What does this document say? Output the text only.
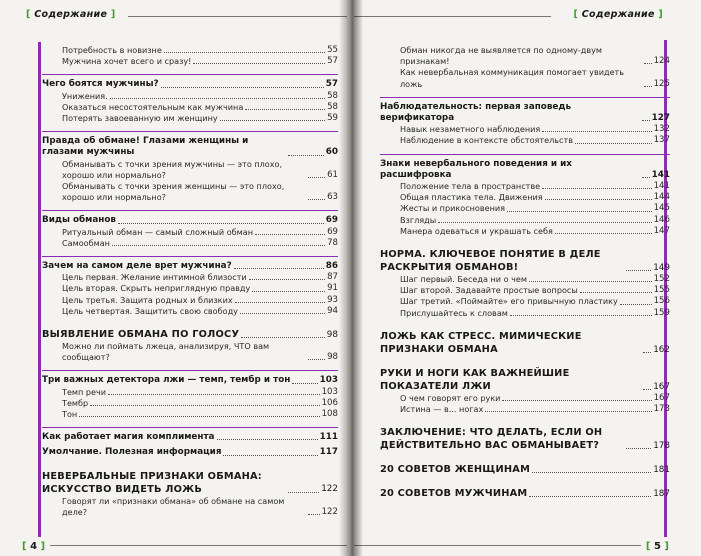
[ Содержание ]
Потребность в новизне	55
Мужчина хочет всего и сразу!	57
Чего боятся мужчины?	57
Унижения.	58
Оказаться несостоятельным как мужчина	58
Потерять завоеванную им женщину	59
Правда об обмане! Глазами женщины и глазами мужчины	60
Обманывать с точки зрения мужчины — это плохо, хорошо или нормально?	61
Обманывать с точки зрения женщины — это плохо, хорошо или нормально?	63
Виды обманов	69
Ритуальный обман — самый сложный обман	69
Самообман	78
Зачем на самом деле врет мужчина?	86
Цель первая. Желание интимной близости	87
Цель вторая. Скрыть неприглядную правду	91
Цель третья. Защита родных и близких	93
Цель четвертая. Защитить свою свободу	94
ВЫЯВЛЕНИЕ ОБМАНА ПО ГОЛОСУ	98
Можно ли поймать лжеца, анализируя, ЧТО вам сообщают?	98
Три важных детектора лжи — темп, тембр и тон	103
Темп речи	103
Тембр	106
Тон	108
Как работает магия комплимента	111
Умолчание. Полезная информация	117
НЕВЕРБАЛЬНЫЕ ПРИЗНАКИ ОБМАНА: ИСКУССТВО ВИДЕТЬ ЛОЖЬ	122
Говорят ли «признаки обмана» об обмане на самом деле?	122
[ 4 ]
[ Содержание ]
Обман никогда не выявляется по одному-двум признакам!	124
Как невербальная коммуникация помогает увидеть ложь	125
Наблюдательность: первая заповедь верификатора	127
Навык незаметного наблюдения	132
Наблюдение в контексте обстоятельств	137
Знаки невербального поведения и их расшифровка	141
Положение тела в пространстве	141
Общая пластика тела. Движения	144
Жесты и прикосновения	145
Взгляды	146
Манера одеваться и украшать себя	147
НОРМА. КЛЮЧЕВОЕ ПОНЯТИЕ В ДЕЛЕ РАСКРЫТИЯ ОБМАНОВ!	149
Шаг первый. Беседа ни о чем	152
Шаг второй. Задавайте простые вопросы	155
Шаг третий. «Поймайте» его привычную пластику	156
Прислушайтесь к словам	159
ЛОЖЬ КАК СТРЕСС. МИМИЧЕСКИЕ ПРИЗНАКИ ОБМАНА	162
РУКИ И НОГИ КАК ВАЖНЕЙШИЕ ПОКАЗАТЕЛИ ЛЖИ	167
О чем говорят его руки	167
Истина — в... ногах	173
ЗАКЛЮЧЕНИЕ: ЧТО ДЕЛАТЬ, ЕСЛИ ОН ДЕЙСТВИТЕЛЬНО ВАС ОБМАНЫВАЕТ?	178
20 СОВЕТОВ ЖЕНЩИНАМ	181
20 СОВЕТОВ МУЖЧИНАМ	187
[ 5 ]
